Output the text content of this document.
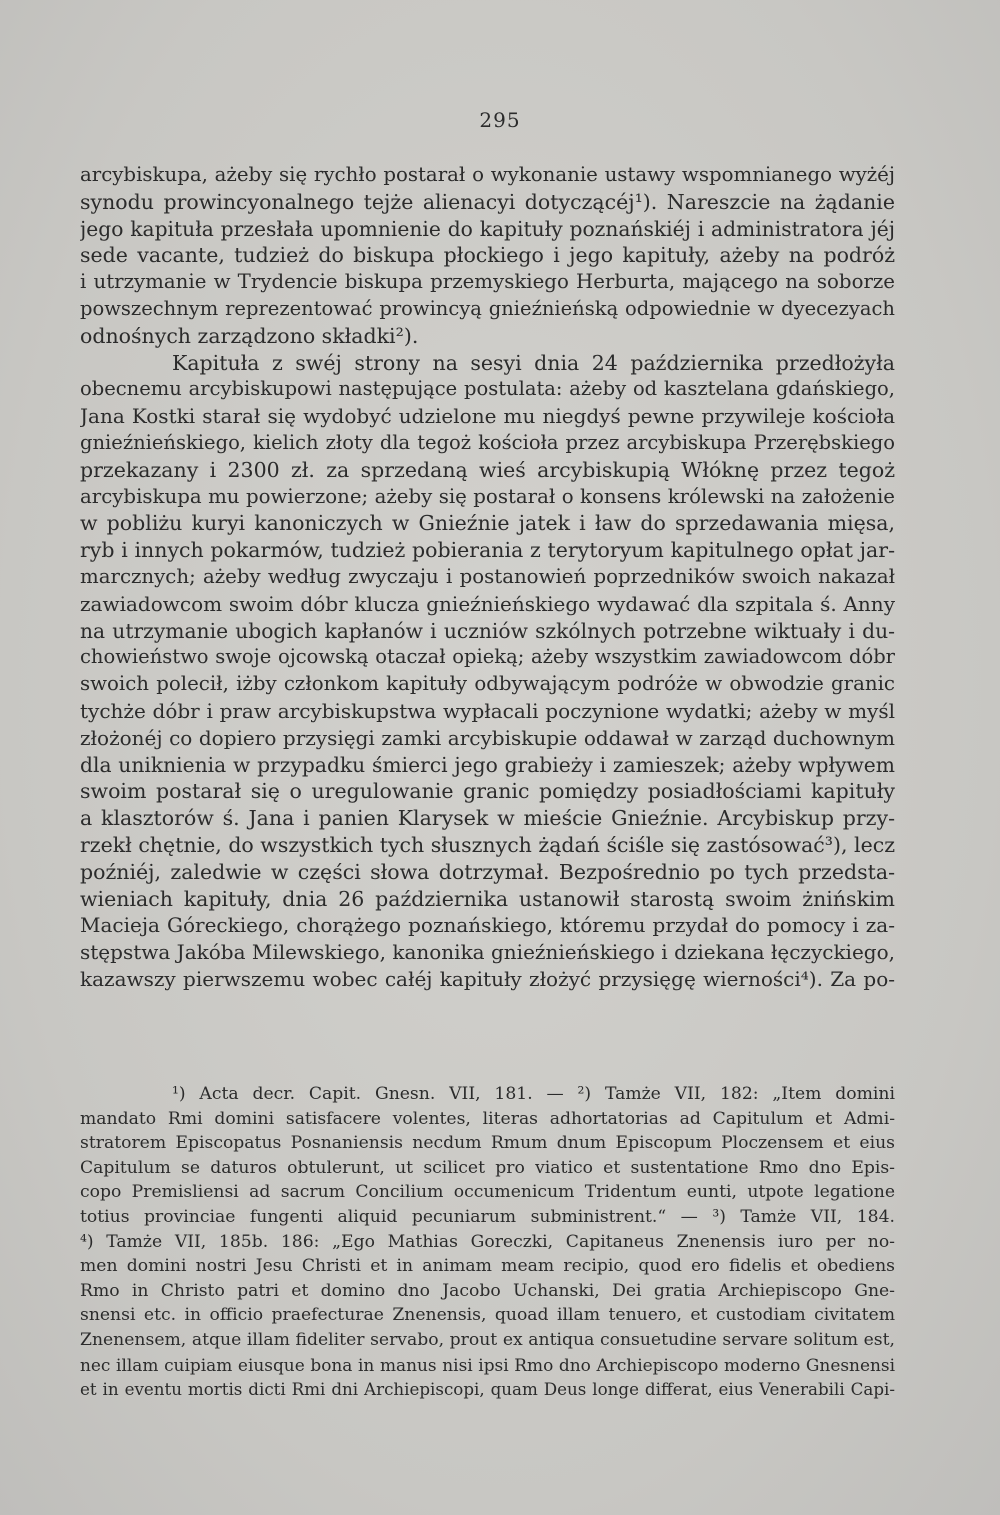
295
arcybiskupa, ażeby się rychło postarał o wykonanie ustawy wspomnianego wyżéj
synodu prowincyonalnego tejże alienacyi dotyczącéj¹). Nareszcie na żądanie
jego kapituła przesłała upomnienie do kapituły poznańskiéj i administratora jéj
sede vacante, tudzież do biskupa płockiego i jego kapituły, ażeby na podróż
i utrzymanie w Trydencie biskupa przemyskiego Herburta, mającego na soborze
powszechnym reprezentować prowincyą gnieźnieńską odpowiednie w dyecezyach
odnośnych zarządzono składki²).
Kapituła z swéj strony na sesyi dnia 24 października przedłożyła
obecnemu arcybiskupowi następujące postulata: ażeby od kasztelana gdańskiego,
Jana Kostki starał się wydobyć udzielone mu niegdyś pewne przywileje kościoła
gnieźnieńskiego, kielich złoty dla tegoż kościoła przez arcybiskupa Przerębskiego
przekazany i 2300 zł. za sprzedaną wieś arcybiskupią Włóknę przez tegoż
arcybiskupa mu powierzone; ażeby się postarał o konsens królewski na założenie
w pobliżu kuryi kanoniczych w Gnieźnie jatek i ław do sprzedawania mięsa,
ryb i innych pokarmów, tudzież pobierania z terytoryum kapitulnego opłat jar-
marcznych; ażeby według zwyczaju i postanowień poprzedników swoich nakazał
zawiadowcom swoim dóbr klucza gnieźnieńskiego wydawać dla szpitala ś. Anny
na utrzymanie ubogich kapłanów i uczniów szkólnych potrzebne wiktuały i du-
chowieństwo swoje ojcowską otaczał opieką; ażeby wszystkim zawiadowcom dóbr
swoich polecił, iżby członkom kapituły odbywającym podróże w obwodzie granic
tychże dóbr i praw arcybiskupstwa wypłacali poczynione wydatki; ażeby w myśl
złożonéj co dopiero przysięgi zamki arcybiskupie oddawał w zarząd duchownym
dla uniknienia w przypadku śmierci jego grabieży i zamieszek; ażeby wpływem
swoim postarał się o uregulowanie granic pomiędzy posiadłościami kapituły
a klasztorów ś. Jana i panien Klarysek w mieście Gnieźnie. Arcybiskup przy-
rzekł chętnie, do wszystkich tych słusznych żądań ściśle się zastósować³), lecz
poźniéj, zaledwie w części słowa dotrzymał. Bezpośrednio po tych przedsta-
wieniach kapituły, dnia 26 października ustanowił starostą swoim żnińskim
Macieja Góreckiego, chorążego poznańskiego, któremu przydał do pomocy i za-
stępstwa Jakóba Milewskiego, kanonika gnieźnieńskiego i dziekana łęczyckiego,
kazawszy pierwszemu wobec całéj kapituły złożyć przysięgę wierności⁴). Za po-
¹) Acta decr. Capit. Gnesn. VII, 181. — ²) Tamże VII, 182: „Item domini
mandato Rmi domini satisfacere volentes, literas adhortatorias ad Capitulum et Admi-
stratorem Episcopatus Posnaniensis necdum Rmum dnum Episcopum Ploczensem et eius
Capitulum se daturos obtulerunt, ut scilicet pro viatico et sustentatione Rmo dno Epis-
copo Premisliensi ad sacrum Concilium occumenicum Tridentum eunti, utpote legatione
totius provinciae fungenti aliquid pecuniarum subministrent.“ — ³) Tamże VII, 184.
⁴) Tamże VII, 185b. 186: „Ego Mathias Goreczki, Capitaneus Znenensis iuro per no-
men domini nostri Jesu Christi et in animam meam recipio, quod ero fidelis et obediens
Rmo in Christo patri et domino dno Jacobo Uchanski, Dei gratia Archiepiscopo Gne-
snensi etc. in officio praefecturae Znenensis, quoad illam tenuero, et custodiam civitatem
Znenensem, atque illam fideliter servabo, prout ex antiqua consuetudine servare solitum est,
nec illam cuipiam eiusque bona in manus nisi ipsi Rmo dno Archiepiscopo moderno Gnesnensi
et in eventu mortis dicti Rmi dni Archiepiscopi, quam Deus longe differat, eius Venerabili Capi-
